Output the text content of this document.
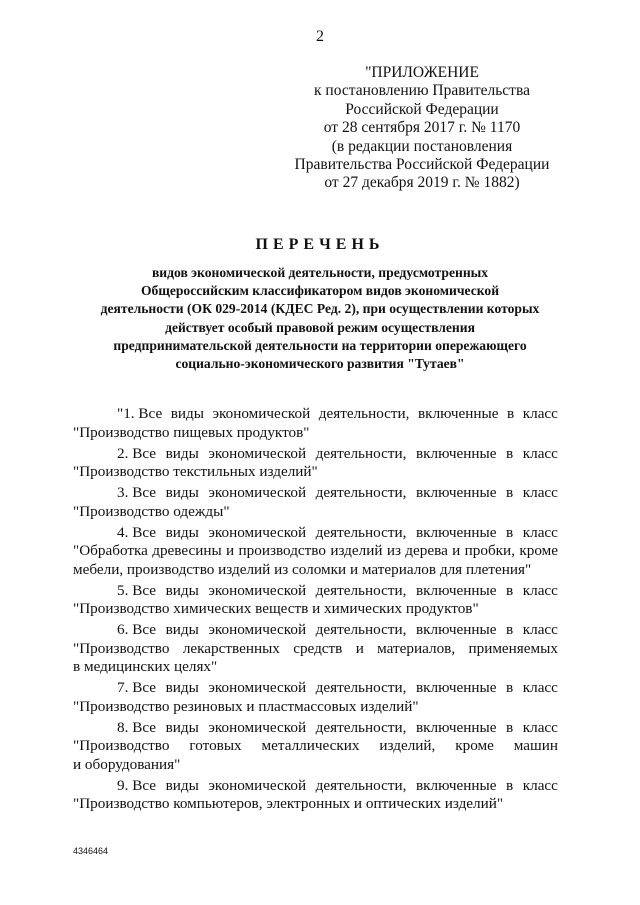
2
"ПРИЛОЖЕНИЕ
к постановлению Правительства
Российской Федерации
от 28 сентября 2017 г. № 1170
(в редакции постановления
Правительства Российской Федерации
от 27 декабря 2019 г. № 1882)
ПЕРЕЧЕНЬ
видов экономической деятельности, предусмотренных
Общероссийским классификатором видов экономической
деятельности (ОК 029-2014 (КДЕС Ред. 2), при осуществлении которых
действует особый правовой режим осуществления
предпринимательской деятельности на территории опережающего
социально-экономического развития "Тутаев"
"1. Все виды экономической деятельности, включенные в класс
"Производство пищевых продуктов"
2. Все виды экономической деятельности, включенные в класс
"Производство текстильных изделий"
3. Все виды экономической деятельности, включенные в класс
"Производство одежды"
4. Все виды экономической деятельности, включенные в класс
"Обработка древесины и производство изделий из дерева и пробки, кроме
мебели, производство изделий из соломки и материалов для плетения"
5. Все виды экономической деятельности, включенные в класс
"Производство химических веществ и химических продуктов"
6. Все виды экономической деятельности, включенные в класс
"Производство лекарственных средств и материалов, применяемых
в медицинских целях"
7. Все виды экономической деятельности, включенные в класс
"Производство резиновых и пластмассовых изделий"
8. Все виды экономической деятельности, включенные в класс
"Производство готовых металлических изделий, кроме машин
и оборудования"
9. Все виды экономической деятельности, включенные в класс
"Производство компьютеров, электронных и оптических изделий"
4346464
